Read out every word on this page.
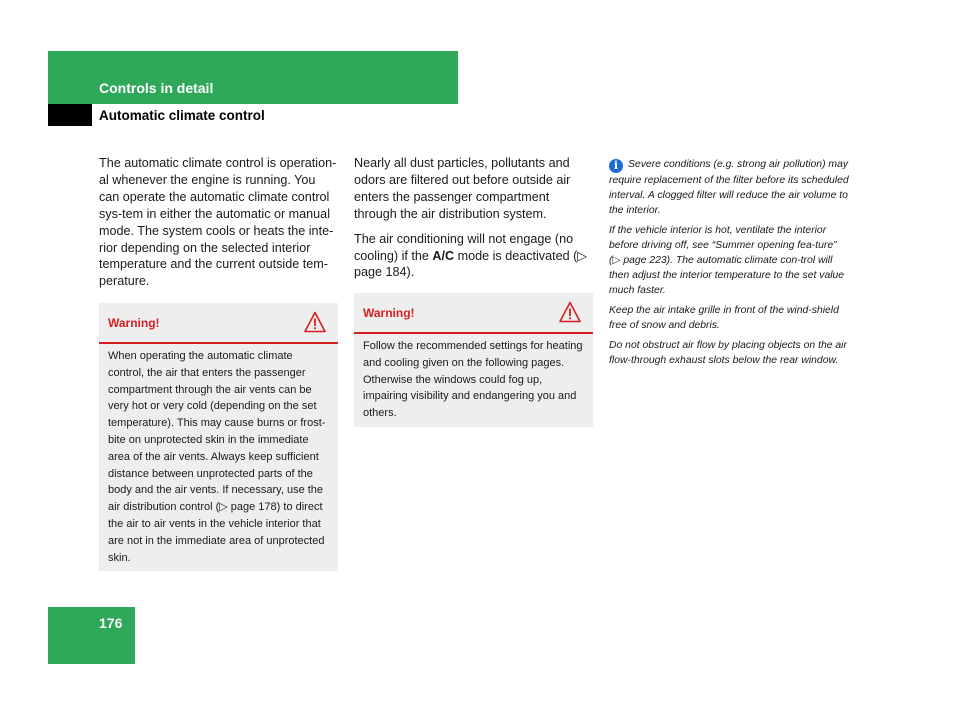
Controls in detail
Automatic climate control

The automatic climate control is operation-al whenever the engine is running. You can operate the automatic climate control sys-tem in either the automatic or manual mode. The system cools or heats the inte-rior depending on the selected interior temperature and the current outside tem-perature.

Warning!
When operating the automatic climate control, the air that enters the passenger compartment through the air vents can be very hot or very cold (depending on the set temperature). This may cause burns or frost-bite on unprotected skin in the immediate area of the air vents. Always keep sufficient distance between unprotected parts of the body and the air vents. If necessary, use the air distribution control (▷ page 178) to direct the air to air vents in the vehicle interior that are not in the immediate area of unprotected skin.

Nearly all dust particles, pollutants and odors are filtered out before outside air enters the passenger compartment through the air distribution system.

The air conditioning will not engage (no cooling) if the A/C mode is deactivated (▷ page 184).

Warning!
Follow the recommended settings for heating and cooling given on the following pages. Otherwise the windows could fog up, impairing visibility and endangering you and others.

i Severe conditions (e.g. strong air pollution) may require replacement of the filter before its scheduled interval. A clogged filter will reduce the air volume to the interior.

If the vehicle interior is hot, ventilate the interior before driving off, see “Summer opening fea-ture” (▷ page 223). The automatic climate con-trol will then adjust the interior temperature to the set value much faster.

Keep the air intake grille in front of the wind-shield free of snow and debris.

Do not obstruct air flow by placing objects on the air flow-through exhaust slots below the rear window.

176
